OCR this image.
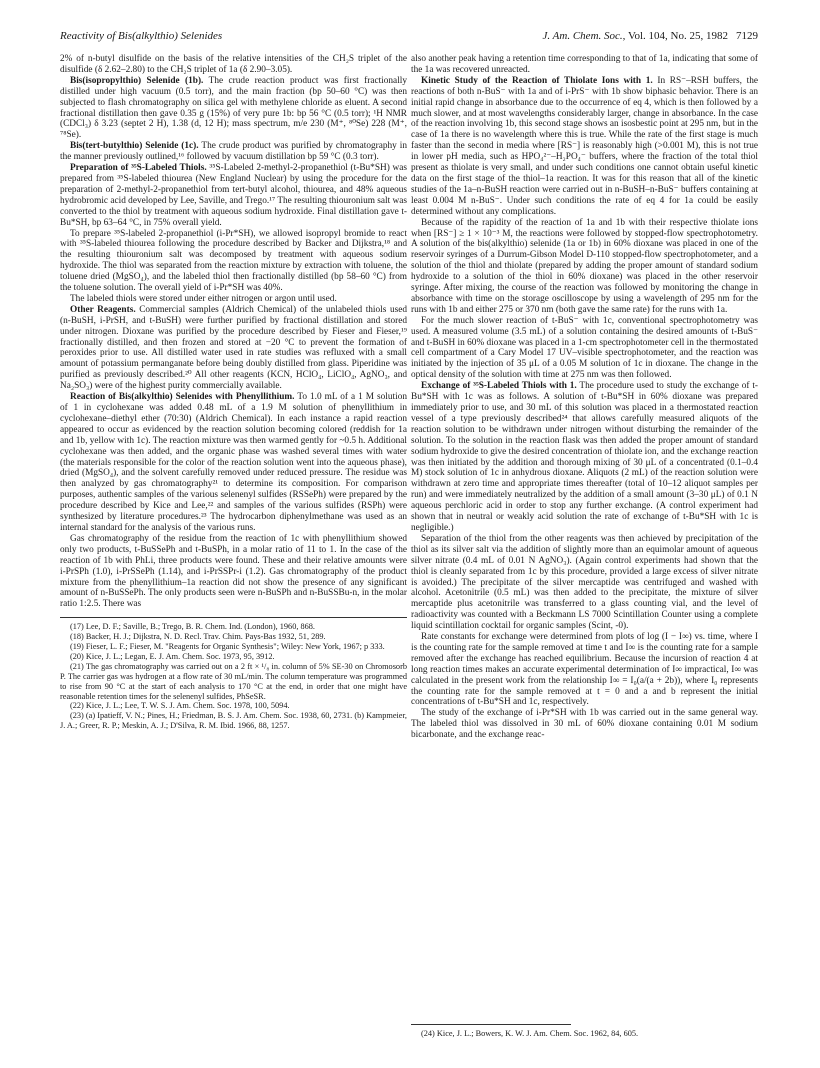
Reactivity of Bis(alkylthio) Selenides	J. Am. Chem. Soc., Vol. 104, No. 25, 1982 7129

2% of n-butyl disulfide on the basis of the relative intensities of the CH₂S triplet of the disulfide (δ 2.62–2.80) to the CH₂S triplet of 1a (δ 2.90–3.05).

Bis(isopropylthio) Selenide (1b). The crude reaction product was first fractionally distilled under high vacuum (0.5 torr), and the main fraction (bp 50–60 °C) was then subjected to flash chromatography on silica gel with methylene chloride as eluent. A second fractional distillation then gave 0.35 g (15%) of very pure 1b: bp 56 °C (0.5 torr); ¹H NMR (CDCl₃) δ 3.23 (septet 2 H), 1.38 (d, 12 H); mass spectrum, m/e 230 (M⁺, ⁸⁰Se) 228 (M⁺, ⁷⁸Se).

Bis(tert-butylthio) Selenide (1c). The crude product was purified by chromatography in the manner previously outlined,¹⁶ followed by vacuum distillation bp 59 °C (0.3 torr).

Preparation of ³⁵S-Labeled Thiols. ³⁵S-Labeled 2-methyl-2-propanethiol (t-Bu*SH) was prepared from ³⁵S-labeled thiourea (New England Nuclear) by using the procedure for the preparation of 2-methyl-2-propanethiol from tert-butyl alcohol, thiourea, and 48% aqueous hydrobromic acid developed by Lee, Saville, and Trego.¹⁷ The resulting thiouronium salt was converted to the thiol by treatment with aqueous sodium hydroxide. Final distillation gave t-Bu*SH, bp 63–64 °C, in 75% overall yield.

To prepare ³⁵S-labeled 2-propanethiol (i-Pr*SH), we allowed isopropyl bromide to react with ³⁵S-labeled thiourea following the procedure described by Backer and Dijkstra,¹⁸ and the resulting thiouronium salt was decomposed by treatment with aqueous sodium hydroxide. The thiol was separated from the reaction mixture by extraction with toluene, the toluene dried (MgSO₄), and the labeled thiol then fractionally distilled (bp 58–60 °C) from the toluene solution. The overall yield of i-Pr*SH was 40%.

The labeled thiols were stored under either nitrogen or argon until used.

Other Reagents. Commercial samples (Aldrich Chemical) of the unlabeled thiols used (n-BuSH, i-PrSH, and t-BuSH) were further purified by fractional distillation and stored under nitrogen. Dioxane was purified by the procedure described by Fieser and Fieser,¹⁹ fractionally distilled, and then frozen and stored at −20 °C to prevent the formation of peroxides prior to use. All distilled water used in rate studies was refluxed with a small amount of potassium permanganate before being doubly distilled from glass. Piperidine was purified as previously described.²⁰ All other reagents (KCN, HClO₄, LiClO₄, AgNO₃, and Na₂SO₃) were of the highest purity commercially available.

Reaction of Bis(alkylthio) Selenides with Phenyllithium. To 1.0 mL of a 1 M solution of 1 in cyclohexane was added 0.48 mL of a 1.9 M solution of phenyllithium in cyclohexane–diethyl ether (70:30) (Aldrich Chemical). In each instance a rapid reaction appeared to occur as evidenced by the reaction solution becoming colored (reddish for 1a and 1b, yellow with 1c). The reaction mixture was then warmed gently for ~0.5 h. Additional cyclohexane was then added, and the organic phase was washed several times with water (the materials responsible for the color of the reaction solution went into the aqueous phase), dried (MgSO₄), and the solvent carefully removed under reduced pressure. The residue was then analyzed by gas chromatography²¹ to determine its composition. For comparison purposes, authentic samples of the various selenenyl sulfides (RSSePh) were prepared by the procedure described by Kice and Lee,²² and samples of the various sulfides (RSPh) were synthesized by literature procedures.²³ The hydrocarbon diphenylmethane was used as an internal standard for the analysis of the various runs.

Gas chromatography of the residue from the reaction of 1c with phenyllithium showed only two products, t-BuSSePh and t-BuSPh, in a molar ratio of 11 to 1. In the case of the reaction of 1b with PhLi, three products were found. These and their relative amounts were i-PrSPh (1.0), i-PrSSePh (1.14), and i-PrSSPr-i (1.2). Gas chromatography of the product mixture from the phenyllithium–1a reaction did not show the presence of any significant amount of n-BuSSePh. The only products seen were n-BuSPh and n-BuSSBu-n, in the molar ratio 1:2.5. There was

(17) Lee, D. F.; Saville, B.; Trego, B. R. Chem. Ind. (London), 1960, 868.

(18) Backer, H. J.; Dijkstra, N. D. Recl. Trav. Chim. Pays-Bas 1932, 51, 289.

(19) Fieser, L. F.; Fieser, M. "Reagents for Organic Synthesis"; Wiley: New York, 1967; p 333.

(20) Kice, J. L.; Legan, E. J. Am. Chem. Soc. 1973, 95, 3912.

(21) The gas chromatography was carried out on a 2 ft × ¹/₈ in. column of 5% SE-30 on Chromosorb P. The carrier gas was hydrogen at a flow rate of 30 mL/min. The column temperature was programmed to rise from 90 °C at the start of each analysis to 170 °C at the end, in order that one might have reasonable retention times for the selenenyl sulfides, PhSeSR.

(22) Kice, J. L.; Lee, T. W. S. J. Am. Chem. Soc. 1978, 100, 5094.

(23) (a) Ipatieff, V. N.; Pines, H.; Friedman, B. S. J. Am. Chem. Soc. 1938, 60, 2731. (b) Kampmeier, J. A.; Greer, R. P.; Meskin, A. J.; D'Silva, R. M. Ibid. 1966, 88, 1257.

also another peak having a retention time corresponding to that of 1a, indicating that some of the 1a was recovered unreacted.

Kinetic Study of the Reaction of Thiolate Ions with 1. In RS⁻–RSH buffers, the reactions of both n-BuS⁻ with 1a and of i-PrS⁻ with 1b show biphasic behavior. There is an initial rapid change in absorbance due to the occurrence of eq 4, which is then followed by a much slower, and at most wavelengths considerably larger, change in absorbance. In the case of the reaction involving 1b, this second stage shows an isosbestic point at 295 nm, but in the case of 1a there is no wavelength where this is true. While the rate of the first stage is much faster than the second in media where [RS⁻] is reasonably high (>0.001 M), this is not true in lower pH media, such as HPO₄²⁻–H₂PO₄⁻ buffers, where the fraction of the total thiol present as thiolate is very small, and under such conditions one cannot obtain useful kinetic data on the first stage of the thiol–1a reaction. It was for this reason that all of the kinetic studies of the 1a–n-BuSH reaction were carried out in n-BuSH–n-BuS⁻ buffers containing at least 0.004 M n-BuS⁻. Under such conditions the rate of eq 4 for 1a could be easily determined without any complications.

Because of the rapidity of the reaction of 1a and 1b with their respective thiolate ions when [RS⁻] ≥ 1 × 10⁻³ M, the reactions were followed by stopped-flow spectrophotometry. A solution of the bis(alkylthio) selenide (1a or 1b) in 60% dioxane was placed in one of the reservoir syringes of a Durrum-Gibson Model D-110 stopped-flow spectrophotometer, and a solution of the thiol and thiolate (prepared by adding the proper amount of standard sodium hydroxide to a solution of the thiol in 60% dioxane) was placed in the other reservoir syringe. After mixing, the course of the reaction was followed by monitoring the change in absorbance with time on the storage oscilloscope by using a wavelength of 295 nm for the runs with 1b and either 275 or 370 nm (both gave the same rate) for the runs with 1a.

For the much slower reaction of t-BuS⁻ with 1c, conventional spectrophotometry was used. A measured volume (3.5 mL) of a solution containing the desired amounts of t-BuS⁻ and t-BuSH in 60% dioxane was placed in a 1-cm spectrophotometer cell in the thermostated cell compartment of a Cary Model 17 UV–visible spectrophotometer, and the reaction was initiated by the injection of 35 μL of a 0.05 M solution of 1c in dioxane. The change in the optical density of the solution with time at 275 nm was then followed.

Exchange of ³⁵S-Labeled Thiols with 1. The procedure used to study the exchange of t-Bu*SH with 1c was as follows. A solution of t-Bu*SH in 60% dioxane was prepared immediately prior to use, and 30 mL of this solution was placed in a thermostated reaction vessel of a type previously described²⁴ that allows carefully measured aliquots of the reaction solution to be withdrawn under nitrogen without disturbing the remainder of the solution. To the solution in the reaction flask was then added the proper amount of standard sodium hydroxide to give the desired concentration of thiolate ion, and the exchange reaction was then initiated by the addition and thorough mixing of 30 μL of a concentrated (0.1–0.4 M) stock solution of 1c in anhydrous dioxane. Aliquots (2 mL) of the reaction solution were withdrawn at zero time and appropriate times thereafter (total of 10–12 aliquot samples per run) and were immediately neutralized by the addition of a small amount (3–30 μL) of 0.1 N aqueous perchloric acid in order to stop any further exchange. (A control experiment had shown that in neutral or weakly acid solution the rate of exchange of t-Bu*SH with 1c is negligible.)

Separation of the thiol from the other reagents was then achieved by precipitation of the thiol as its silver salt via the addition of slightly more than an equimolar amount of aqueous silver nitrate (0.4 mL of 0.01 N AgNO₃). (Again control experiments had shown that the thiol is cleanly separated from 1c by this procedure, provided a large excess of silver nitrate is avoided.) The precipitate of the silver mercaptide was centrifuged and washed with alcohol. Acetonitrile (0.5 mL) was then added to the precipitate, the mixture of silver mercaptide plus acetonitrile was transferred to a glass counting vial, and the level of radioactivity was counted with a Beckmann LS 7000 Scintillation Counter using a complete liquid scintillation cocktail for organic samples (Scint, -0).

Rate constants for exchange were determined from plots of log (I − I∞) vs. time, where I is the counting rate for the sample removed at time t and I∞ is the counting rate for a sample removed after the exchange has reached equilibrium. Because the incursion of reaction 4 at long reaction times makes an accurate experimental determination of I∞ impractical, I∞ was calculated in the present work from the relationship I∞ = I₀(a/(a + 2b)), where I₀ represents the counting rate for the sample removed at t = 0 and a and b represent the initial concentrations of t-Bu*SH and 1c, respectively.

The study of the exchange of i-Pr*SH with 1b was carried out in the same general way. The labeled thiol was dissolved in 30 mL of 60% dioxane containing 0.01 M sodium bicarbonate, and the exchange reac-

(24) Kice, J. L.; Bowers, K. W. J. Am. Chem. Soc. 1962, 84, 605.
